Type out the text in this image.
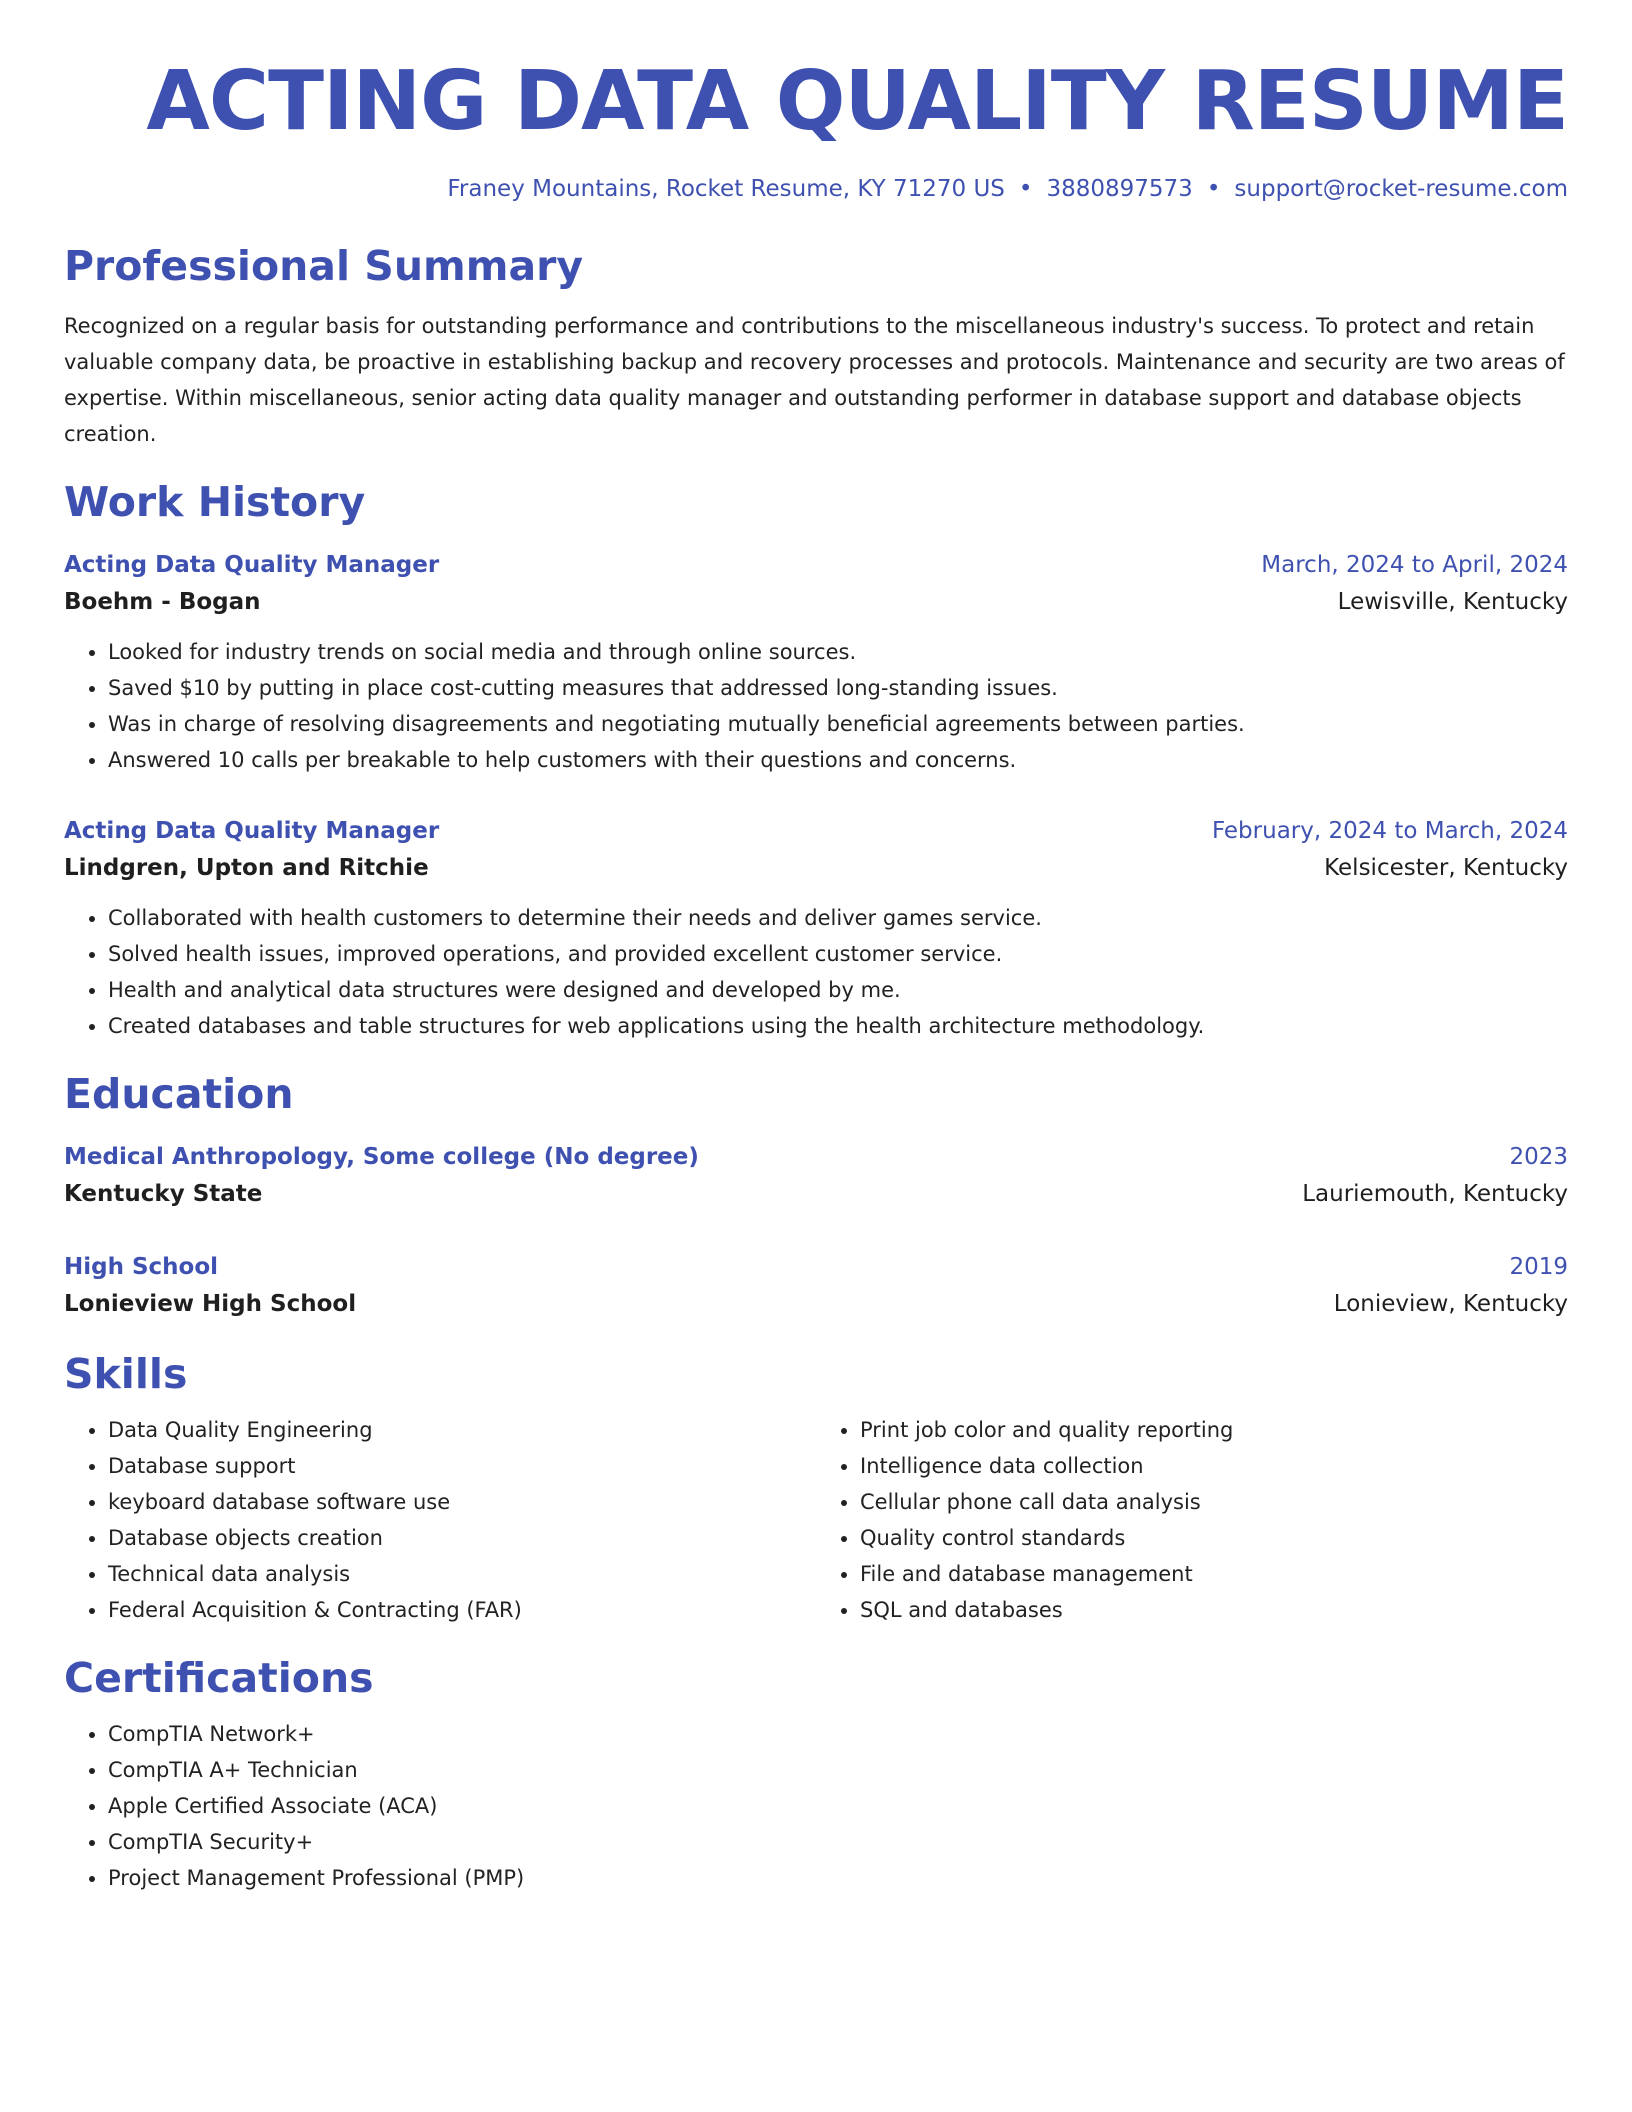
ACTING DATA QUALITY RESUME
Franey Mountains, Rocket Resume, KY 71270 US • 3880897573 • support@rocket-resume.com
Professional Summary
Recognized on a regular basis for outstanding performance and contributions to the miscellaneous industry's success. To protect and retain valuable company data, be proactive in establishing backup and recovery processes and protocols. Maintenance and security are two areas of expertise. Within miscellaneous, senior acting data quality manager and outstanding performer in database support and database objects creation.
Work History
Acting Data Quality Manager	March, 2024 to April, 2024
Boehm - Bogan	Lewisville, Kentucky
• Looked for industry trends on social media and through online sources.
• Saved $10 by putting in place cost-cutting measures that addressed long-standing issues.
• Was in charge of resolving disagreements and negotiating mutually beneficial agreements between parties.
• Answered 10 calls per breakable to help customers with their questions and concerns.
Acting Data Quality Manager	February, 2024 to March, 2024
Lindgren, Upton and Ritchie	Kelsicester, Kentucky
• Collaborated with health customers to determine their needs and deliver games service.
• Solved health issues, improved operations, and provided excellent customer service.
• Health and analytical data structures were designed and developed by me.
• Created databases and table structures for web applications using the health architecture methodology.
Education
Medical Anthropology, Some college (No degree)	2023
Kentucky State	Lauriemouth, Kentucky
High School	2019
Lonieview High School	Lonieview, Kentucky
Skills
• Data Quality Engineering
• Database support
• keyboard database software use
• Database objects creation
• Technical data analysis
• Federal Acquisition & Contracting (FAR)
• Print job color and quality reporting
• Intelligence data collection
• Cellular phone call data analysis
• Quality control standards
• File and database management
• SQL and databases
Certifications
• CompTIA Network+
• CompTIA A+ Technician
• Apple Certified Associate (ACA)
• CompTIA Security+
• Project Management Professional (PMP)
